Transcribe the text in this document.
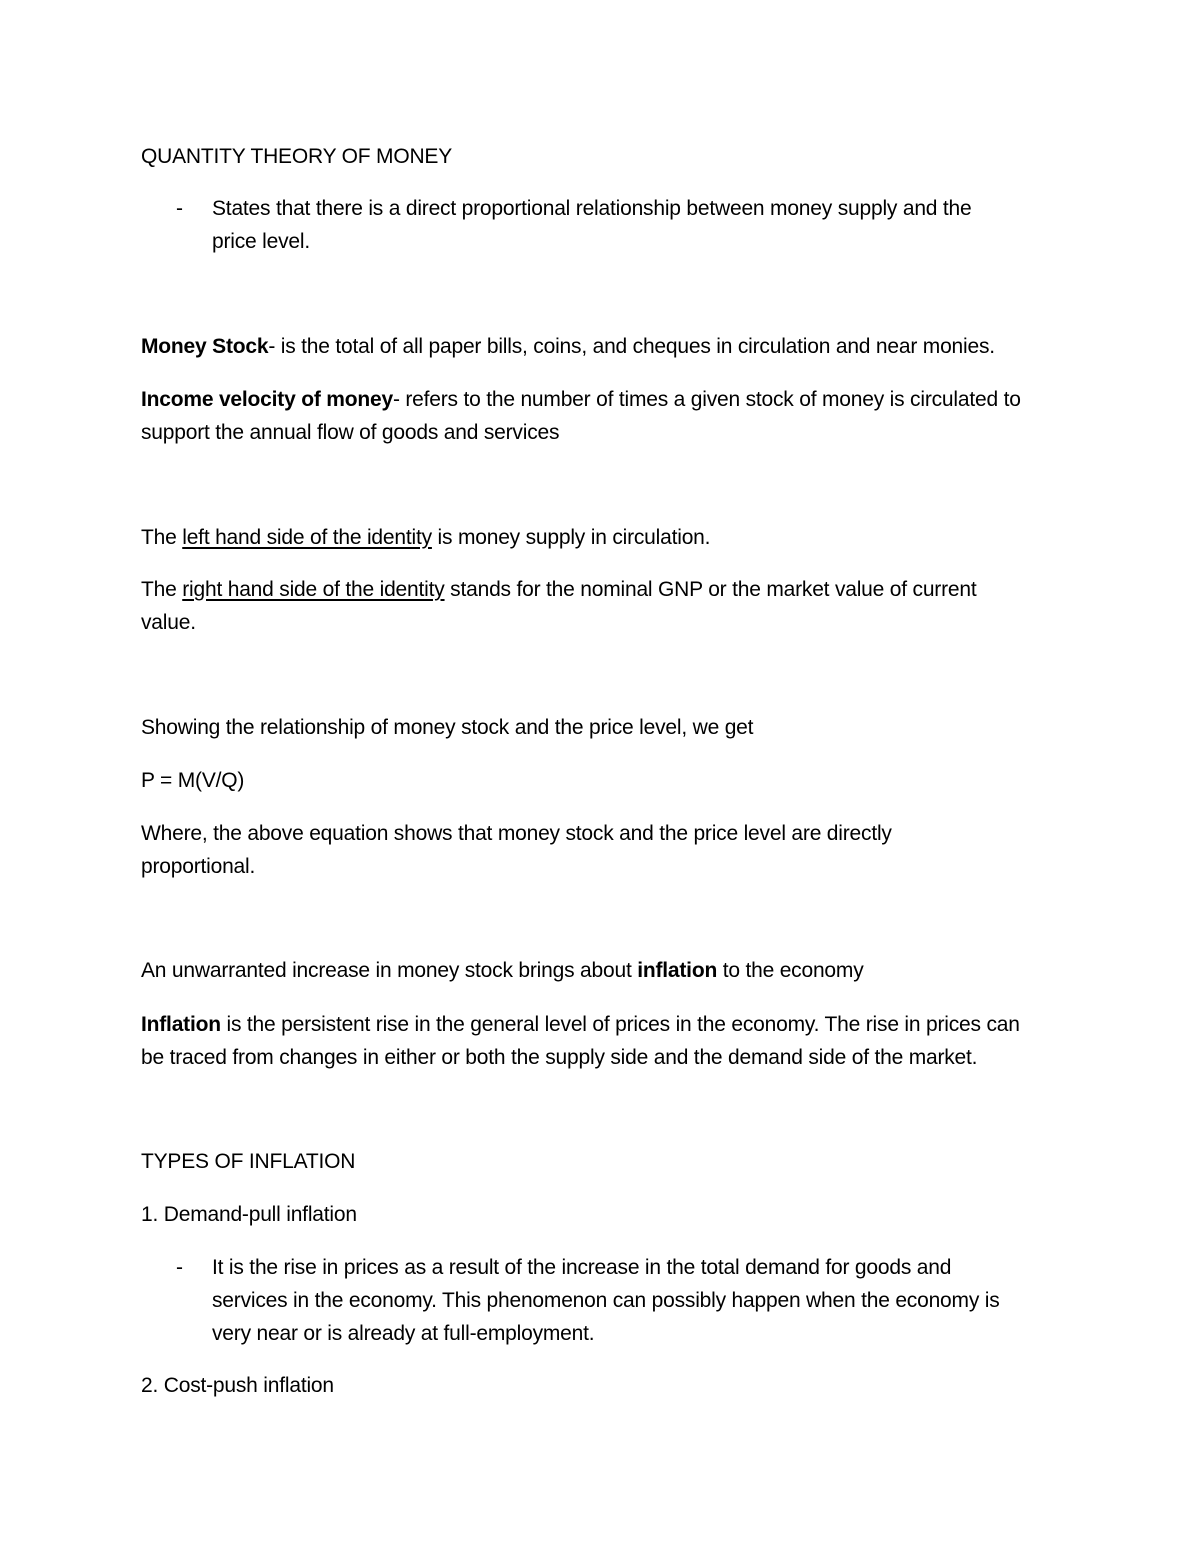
QUANTITY THEORY OF MONEY
- States that there is a direct proportional relationship between money supply and the
price level.
Money Stock- is the total of all paper bills, coins, and cheques in circulation and near monies.
Income velocity of money- refers to the number of times a given stock of money is circulated to
support the annual flow of goods and services
The left hand side of the identity is money supply in circulation.
The right hand side of the identity stands for the nominal GNP or the market value of current
value.
Showing the relationship of money stock and the price level, we get
P = M(V/Q)
Where, the above equation shows that money stock and the price level are directly
proportional.
An unwarranted increase in money stock brings about inflation to the economy
Inflation is the persistent rise in the general level of prices in the economy. The rise in prices can
be traced from changes in either or both the supply side and the demand side of the market.
TYPES OF INFLATION
1. Demand-pull inflation
- It is the rise in prices as a result of the increase in the total demand for goods and
services in the economy. This phenomenon can possibly happen when the economy is
very near or is already at full-employment.
2. Cost-push inflation
